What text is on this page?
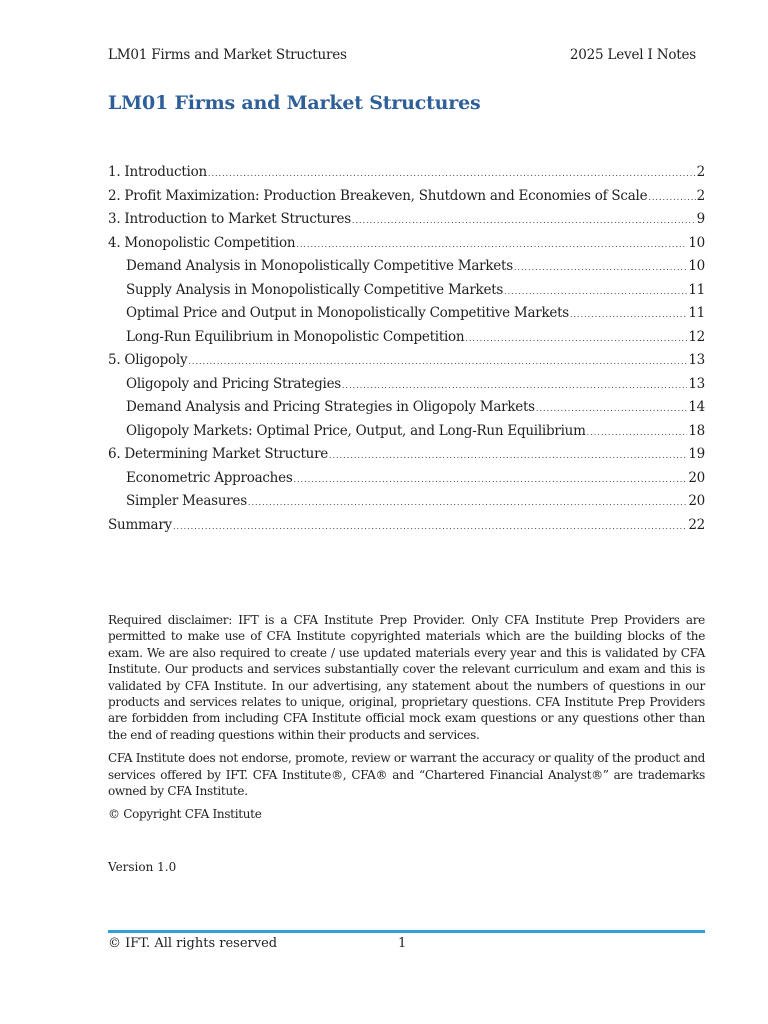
LM01 Firms and Market Structures	2025 Level I Notes
LM01 Firms and Market Structures
1. Introduction .....	2
2. Profit Maximization: Production Breakeven, Shutdown and Economies of Scale .....	2
3. Introduction to Market Structures .....	9
4. Monopolistic Competition .....	10
Demand Analysis in Monopolistically Competitive Markets .....	10
Supply Analysis in Monopolistically Competitive Markets .....	11
Optimal Price and Output in Monopolistically Competitive Markets .....	11
Long-Run Equilibrium in Monopolistic Competition .....	12
5. Oligopoly .....	13
Oligopoly and Pricing Strategies .....	13
Demand Analysis and Pricing Strategies in Oligopoly Markets .....	14
Oligopoly Markets: Optimal Price, Output, and Long-Run Equilibrium .....	18
6. Determining Market Structure .....	19
Econometric Approaches .....	20
Simpler Measures .....	20
Summary .....	22

Required disclaimer: IFT is a CFA Institute Prep Provider. Only CFA Institute Prep Providers are permitted to make use of CFA Institute copyrighted materials which are the building blocks of the exam. We are also required to create / use updated materials every year and this is validated by CFA Institute. Our products and services substantially cover the relevant curriculum and exam and this is validated by CFA Institute. In our advertising, any statement about the numbers of questions in our products and services relates to unique, original, proprietary questions. CFA Institute Prep Providers are forbidden from including CFA Institute official mock exam questions or any questions other than the end of reading questions within their products and services.

CFA Institute does not endorse, promote, review or warrant the accuracy or quality of the product and services offered by IFT. CFA Institute®, CFA® and “Chartered Financial Analyst®” are trademarks owned by CFA Institute.

© Copyright CFA Institute

Version 1.0
© IFT. All rights reserved	1
